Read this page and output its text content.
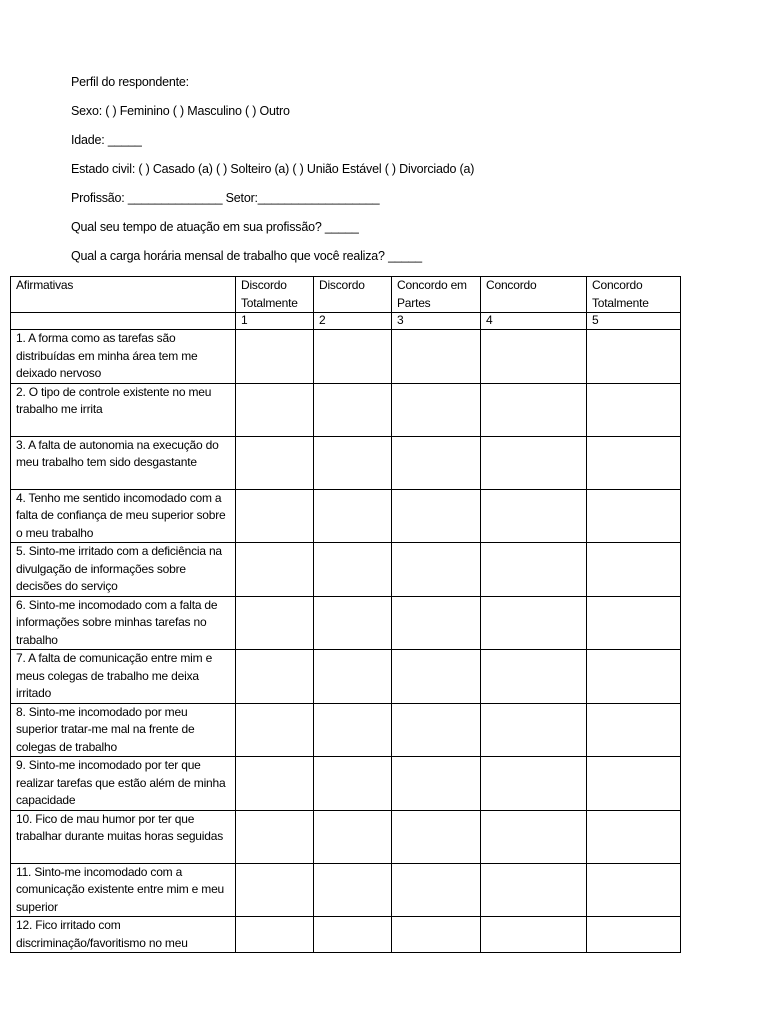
Perfil do respondente:
Sexo: ( ) Feminino ( ) Masculino ( ) Outro
Idade: _____
Estado civil: ( ) Casado (a) ( ) Solteiro (a) ( ) União Estável ( ) Divorciado (a)
Profissão: ______________ Setor:__________________
Qual seu tempo de atuação em sua profissão? _____
Qual a carga horária mensal de trabalho que você realiza? _____
Afirmativas	Discordo Totalmente	Discordo	Concordo em Partes	Concordo	Concordo Totalmente
	1	2	3	4	5
1. A forma como as tarefas são distribuídas em minha área tem me deixado nervoso					
2. O tipo de controle existente no meu trabalho me irrita					
3. A falta de autonomia na execução do meu trabalho tem sido desgastante					
4. Tenho me sentido incomodado com a falta de confiança de meu superior sobre o meu trabalho					
5. Sinto-me irritado com a deficiência na divulgação de informações sobre decisões do serviço					
6. Sinto-me incomodado com a falta de informações sobre minhas tarefas no trabalho					
7. A falta de comunicação entre mim e meus colegas de trabalho me deixa irritado					
8. Sinto-me incomodado por meu superior tratar-me mal na frente de colegas de trabalho					
9. Sinto-me incomodado por ter que realizar tarefas que estão além de minha capacidade					
10. Fico de mau humor por ter que trabalhar durante muitas horas seguidas					
11. Sinto-me incomodado com a comunicação existente entre mim e meu superior					
12. Fico irritado com discriminação/favoritismo no meu					
